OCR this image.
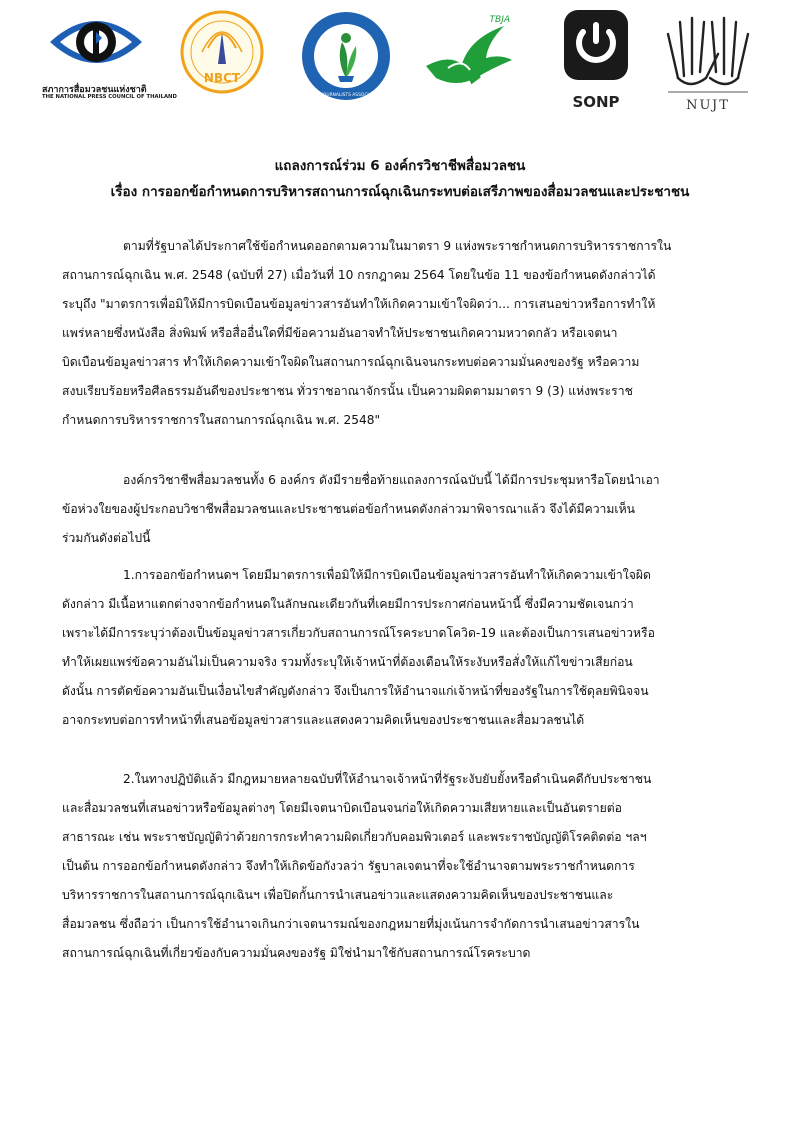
สภาการสื่อมวลชนแห่งชาติ
THE NATIONAL PRESS COUNCIL OF THAILAND
NBCT
THAI JOURNALISTS ASSOCIATION
TBJA
SONP	NUJT
แถลงการณ์ร่วม 6 องค์กรวิชาชีพสื่อมวลชน
เรื่อง การออกข้อกำหนดการบริหารสถานการณ์ฉุกเฉินกระทบต่อเสรีภาพของสื่อมวลชนและประชาชน
ตามที่รัฐบาลได้ประกาศใช้ข้อกำหนดออกตามความในมาตรา 9 แห่งพระราชกำหนดการบริหารราชการใน
สถานการณ์ฉุกเฉิน พ.ศ. 2548 (ฉบับที่ 27) เมื่อวันที่ 10 กรกฎาคม 2564 โดยในข้อ 11 ของข้อกำหนดดังกล่าวได้
ระบุถึง "มาตรการเพื่อมิให้มีการบิดเบือนข้อมูลข่าวสารอันทำให้เกิดความเข้าใจผิดว่า... การเสนอข่าวหรือการทำให้
แพร่หลายซึ่งหนังสือ สิ่งพิมพ์ หรือสื่ออื่นใดที่มีข้อความอันอาจทำให้ประชาชนเกิดความหวาดกลัว หรือเจตนา
บิดเบือนข้อมูลข่าวสาร ทำให้เกิดความเข้าใจผิดในสถานการณ์ฉุกเฉินจนกระทบต่อความมั่นคงของรัฐ หรือความ
สงบเรียบร้อยหรือศีลธรรมอันดีของประชาชน ทั่วราชอาณาจักรนั้น เป็นความผิดตามมาตรา 9 (3) แห่งพระราช
กำหนดการบริหารราชการในสถานการณ์ฉุกเฉิน พ.ศ. 2548"
องค์กรวิชาชีพสื่อมวลชนทั้ง 6 องค์กร ดังมีรายชื่อท้ายแถลงการณ์ฉบับนี้ ได้มีการประชุมหารือโดยนำเอา
ข้อห่วงใยของผู้ประกอบวิชาชีพสื่อมวลชนและประชาชนต่อข้อกำหนดดังกล่าวมาพิจารณาแล้ว จึงได้มีความเห็น
ร่วมกันดังต่อไปนี้
1.การออกข้อกำหนดฯ โดยมีมาตรการเพื่อมิให้มีการบิดเบือนข้อมูลข่าวสารอันทำให้เกิดความเข้าใจผิด
ดังกล่าว มีเนื้อหาแตกต่างจากข้อกำหนดในลักษณะเดียวกันที่เคยมีการประกาศก่อนหน้านี้ ซึ่งมีความชัดเจนกว่า
เพราะได้มีการระบุว่าต้องเป็นข้อมูลข่าวสารเกี่ยวกับสถานการณ์โรคระบาดโควิด-19 และต้องเป็นการเสนอข่าวหรือ
ทำให้เผยแพร่ข้อความอันไม่เป็นความจริง รวมทั้งระบุให้เจ้าหน้าที่ต้องเตือนให้ระงับหรือสั่งให้แก้ไขข่าวเสียก่อน
ดังนั้น การตัดข้อความอันเป็นเงื่อนไขสำคัญดังกล่าว จึงเป็นการให้อำนาจแก่เจ้าหน้าที่ของรัฐในการใช้ดุลยพินิจจน
อาจกระทบต่อการทำหน้าที่เสนอข้อมูลข่าวสารและแสดงความคิดเห็นของประชาชนและสื่อมวลชนได้
2.ในทางปฏิบัติแล้ว มีกฎหมายหลายฉบับที่ให้อำนาจเจ้าหน้าที่รัฐระงับยับยั้งหรือดำเนินคดีกับประชาชน
และสื่อมวลชนที่เสนอข่าวหรือข้อมูลต่างๆ โดยมีเจตนาบิดเบือนจนก่อให้เกิดความเสียหายและเป็นอันตรายต่อ
สาธารณะ เช่น พระราชบัญญัติว่าด้วยการกระทำความผิดเกี่ยวกับคอมพิวเตอร์ และพระราชบัญญัติโรคติดต่อ ฯลฯ
เป็นต้น การออกข้อกำหนดดังกล่าว จึงทำให้เกิดข้อกังวลว่า รัฐบาลเจตนาที่จะใช้อำนาจตามพระราชกำหนดการ
บริหารราชการในสถานการณ์ฉุกเฉินฯ เพื่อปิดกั้นการนำเสนอข่าวและแสดงความคิดเห็นของประชาชนและ
สื่อมวลชน ซึ่งถือว่า เป็นการใช้อำนาจเกินกว่าเจตนารมณ์ของกฎหมายที่มุ่งเน้นการจำกัดการนำเสนอข่าวสารใน
สถานการณ์ฉุกเฉินที่เกี่ยวข้องกับความมั่นคงของรัฐ มิใช่นำมาใช้กับสถานการณ์โรคระบาด
